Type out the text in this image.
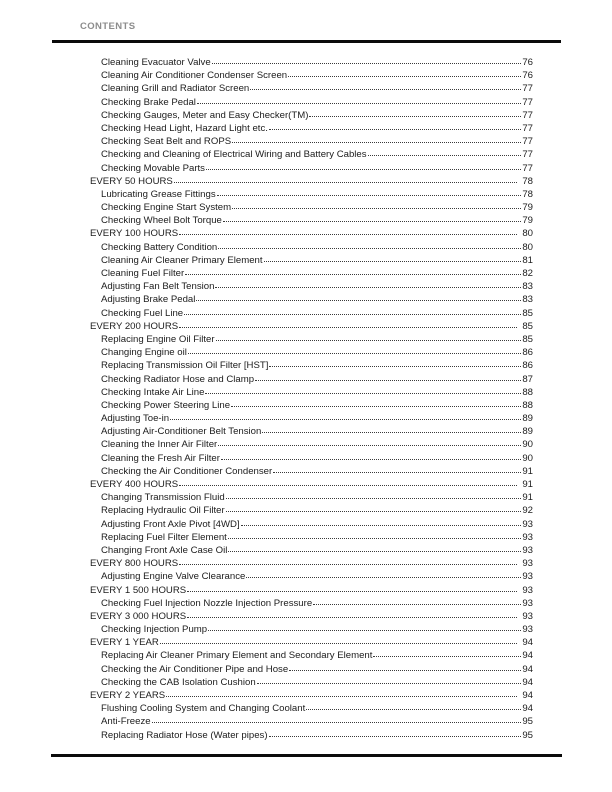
CONTENTS
Cleaning Evacuator Valve	76
Cleaning Air Conditioner Condenser Screen	76
Cleaning Grill and Radiator Screen	77
Checking Brake Pedal	77
Checking Gauges, Meter and Easy Checker(TM)	77
Checking Head Light, Hazard Light etc.	77
Checking Seat Belt and ROPS	77
Checking and Cleaning of Electrical Wiring and Battery Cables	77
Checking Movable Parts	77
EVERY 50 HOURS	78
Lubricating Grease Fittings	78
Checking Engine Start System	79
Checking Wheel Bolt Torque	79
EVERY 100 HOURS	80
Checking Battery Condition	80
Cleaning Air Cleaner Primary Element	81
Cleaning Fuel Filter	82
Adjusting Fan Belt Tension	83
Adjusting Brake Pedal	83
Checking Fuel Line	85
EVERY 200 HOURS	85
Replacing Engine Oil Filter	85
Changing Engine oil	86
Replacing Transmission Oil Filter [HST]	86
Checking Radiator Hose and Clamp	87
Checking Intake Air Line	88
Checking Power Steering Line	88
Adjusting Toe-in	89
Adjusting Air-Conditioner Belt Tension	89
Cleaning the Inner Air Filter	90
Cleaning the Fresh Air Filter	90
Checking the Air Conditioner Condenser	91
EVERY 400 HOURS	91
Changing Transmission Fluid	91
Replacing Hydraulic Oil Filter	92
Adjusting Front Axle Pivot [4WD]	93
Replacing Fuel Filter Element	93
Changing Front Axle Case Oil	93
EVERY 800 HOURS	93
Adjusting Engine Valve Clearance	93
EVERY 1 500 HOURS	93
Checking Fuel Injection Nozzle Injection Pressure	93
EVERY 3 000 HOURS	93
Checking Injection Pump	93
EVERY 1 YEAR	94
Replacing Air Cleaner Primary Element and Secondary Element	94
Checking the Air Conditioner Pipe and Hose	94
Checking the CAB Isolation Cushion	94
EVERY 2 YEARS	94
Flushing Cooling System and Changing Coolant	94
Anti-Freeze	95
Replacing Radiator Hose (Water pipes)	95
